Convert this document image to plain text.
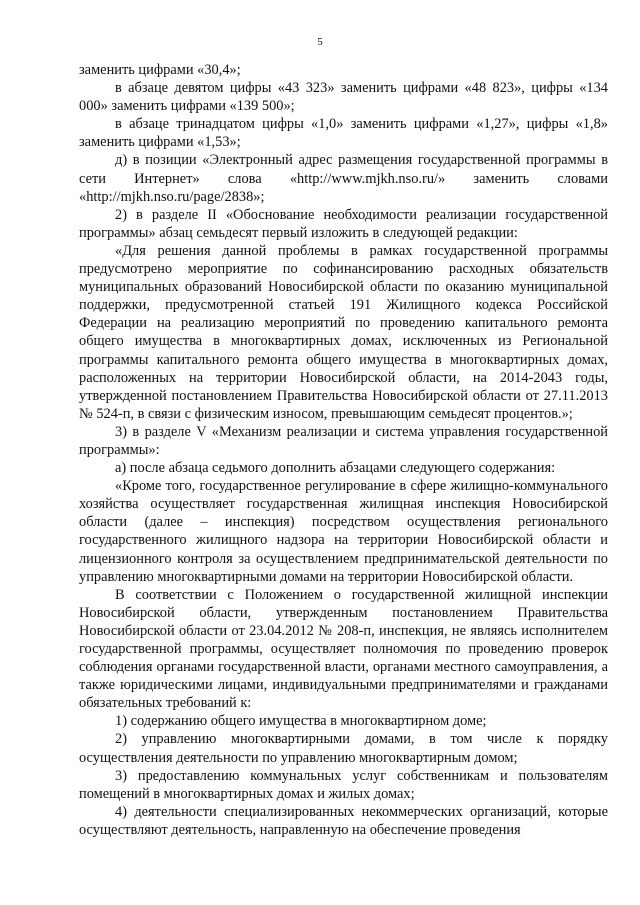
5

заменить цифрами «30,4»;

в абзаце девятом цифры «43 323» заменить цифрами «48 823», цифры «134 000» заменить цифрами «139 500»;

в абзаце тринадцатом цифры «1,0» заменить цифрами «1,27», цифры «1,8» заменить цифрами «1,53»;

д) в позиции «Электронный адрес размещения государственной программы в сети Интернет» слова «http://www.mjkh.nso.ru/» заменить словами «http://mjkh.nso.ru/page/2838»;

2) в разделе II «Обоснование необходимости реализации государственной программы» абзац семьдесят первый изложить в следующей редакции:

«Для решения данной проблемы в рамках государственной программы предусмотрено мероприятие по софинансированию расходных обязательств муниципальных образований Новосибирской области по оказанию муниципальной поддержки, предусмотренной статьей 191 Жилищного кодекса Российской Федерации на реализацию мероприятий по проведению капитального ремонта общего имущества в многоквартирных домах, исключенных из Региональной программы капитального ремонта общего имущества в многоквартирных домах, расположенных на территории Новосибирской области, на 2014-2043 годы, утвержденной постановлением Правительства Новосибирской области от 27.11.2013 № 524-п, в связи с физическим износом, превышающим семьдесят процентов.»;

3) в разделе V «Механизм реализации и система управления государственной программы»:

а) после абзаца седьмого дополнить абзацами следующего содержания:

«Кроме того, государственное регулирование в сфере жилищно-коммунального хозяйства осуществляет государственная жилищная инспекция Новосибирской области (далее – инспекция) посредством осуществления регионального государственного жилищного надзора на территории Новосибирской области и лицензионного контроля за осуществлением предпринимательской деятельности по управлению многоквартирными домами на территории Новосибирской области.

В соответствии с Положением о государственной жилищной инспекции Новосибирской области, утвержденным постановлением Правительства Новосибирской области от 23.04.2012 № 208-п, инспекция, не являясь исполнителем государственной программы, осуществляет полномочия по проведению проверок соблюдения органами государственной власти, органами местного самоуправления, а также юридическими лицами, индивидуальными предпринимателями и гражданами обязательных требований к:

1) содержанию общего имущества в многоквартирном доме;

2) управлению многоквартирными домами, в том числе к порядку осуществления деятельности по управлению многоквартирным домом;

3) предоставлению коммунальных услуг собственникам и пользователям помещений в многоквартирных домах и жилых домах;

4) деятельности специализированных некоммерческих организаций, которые осуществляют деятельность, направленную на обеспечение проведения
